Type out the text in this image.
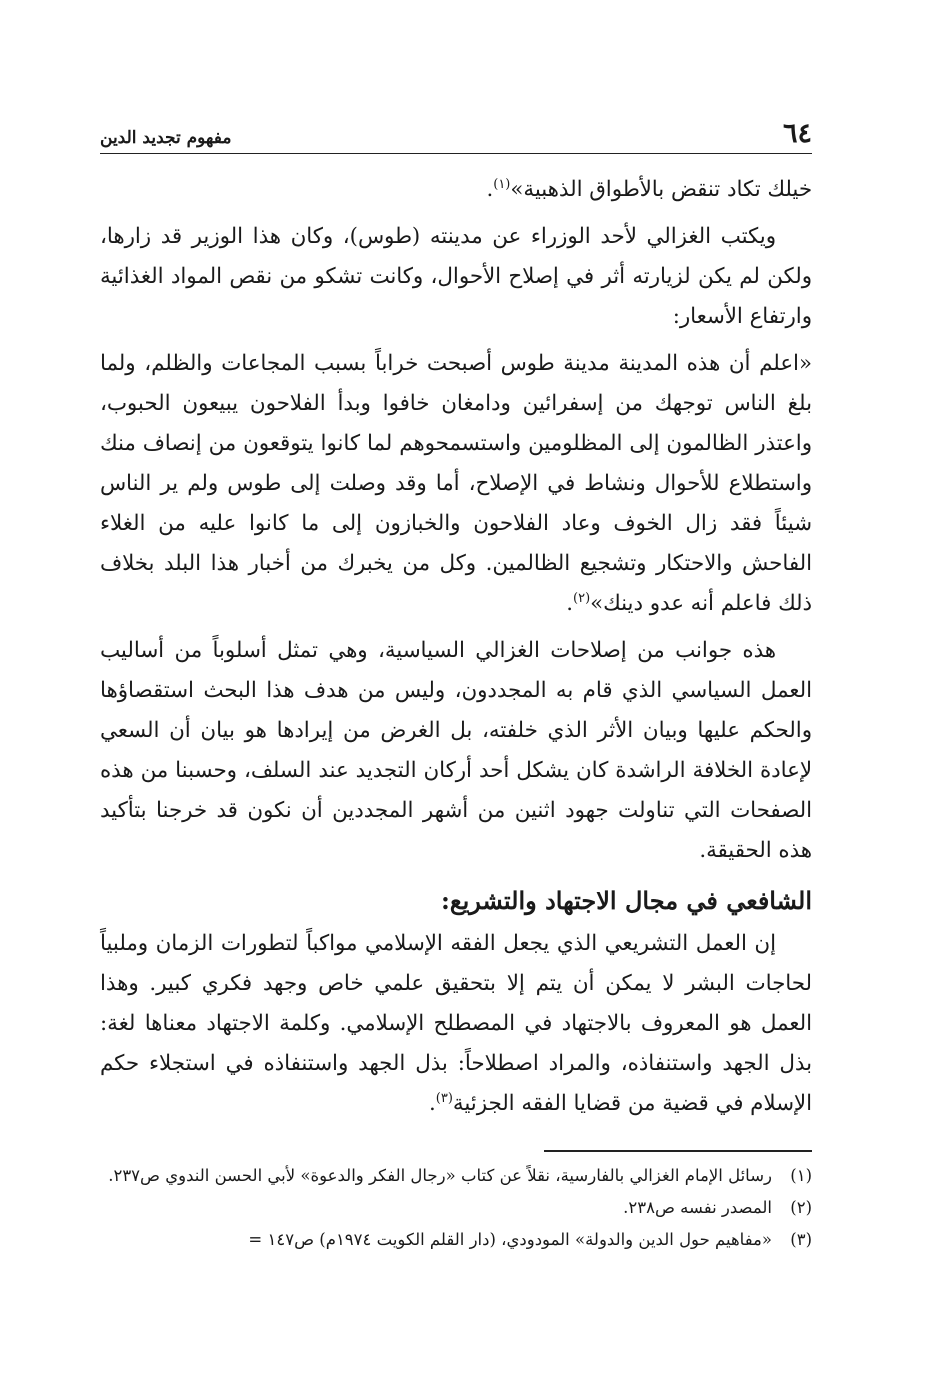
٦٤
مفهوم تجديد الدين

خيلك تكاد تنقض بالأطواق الذهبية»$^{(١)}$.

ويكتب الغزالي لأحد الوزراء عن مدينته (طوس)، وكان هذا الوزير قد زارها، ولكن لم يكن لزيارته أثر في إصلاح الأحوال، وكانت تشكو من نقص المواد الغذائية وارتفاع الأسعار:

«اعلم أن هذه المدينة مدينة طوس أصبحت خراباً بسبب المجاعات والظلم، ولما بلغ الناس توجهك من إسفرائين ودامغان خافوا وبدأ الفلاحون يبيعون الحبوب، واعتذر الظالمون إلى المظلومين واستسمحوهم لما كانوا يتوقعون من إنصاف منك واستطلاع للأحوال ونشاط في الإصلاح، أما وقد وصلت إلى طوس ولم ير الناس شيئاً فقد زال الخوف وعاد الفلاحون والخبازون إلى ما كانوا عليه من الغلاء الفاحش والاحتكار وتشجيع الظالمين. وكل من يخبرك من أخبار هذا البلد بخلاف ذلك فاعلم أنه عدو دينك»$^{(٢)}$.

هذه جوانب من إصلاحات الغزالي السياسية، وهي تمثل أسلوباً من أساليب العمل السياسي الذي قام به المجددون، وليس من هدف هذا البحث استقصاؤها والحكم عليها وبيان الأثر الذي خلفته، بل الغرض من إيرادها هو بيان أن السعي لإعادة الخلافة الراشدة كان يشكل أحد أركان التجديد عند السلف، وحسبنا من هذه الصفحات التي تناولت جهود اثنين من أشهر المجددين أن نكون قد خرجنا بتأكيد هذه الحقيقة.

الشافعي في مجال الاجتهاد والتشريع:

إن العمل التشريعي الذي يجعل الفقه الإسلامي مواكباً لتطورات الزمان وملبياً لحاجات البشر لا يمكن أن يتم إلا بتحقيق علمي خاص وجهد فكري كبير. وهذا العمل هو المعروف بالاجتهاد في المصطلح الإسلامي. وكلمة الاجتهاد معناها لغة: بذل الجهد واستنفاذه، والمراد اصطلاحاً: بذل الجهد واستنفاذه في استجلاء حكم الإسلام في قضية من قضايا الفقه الجزئية$^{(٣)}$.

(١)
رسائل الإمام الغزالي بالفارسية، نقلاً عن كتاب «رجال الفكر والدعوة» لأبي الحسن الندوي ص٢٣٧.
(٢)
المصدر نفسه ص٢٣٨.
(٣)
«مفاهيم حول الدين والدولة» المودودي، (دار القلم الكويت ١٩٧٤م) ص١٤٧ =
